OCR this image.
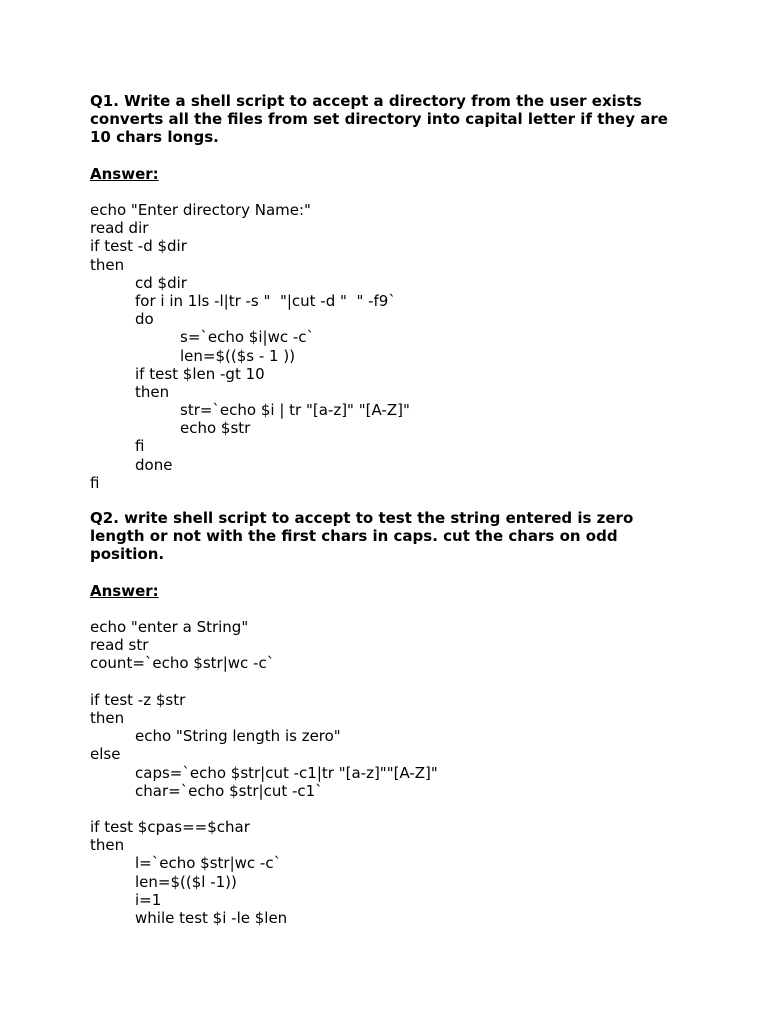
Q1. Write a shell script to accept a directory from the user exists converts all the files from set directory into capital letter if they are 10 chars longs.

Answer:

echo "Enter directory Name:"
read dir
if test -d $dir
then
cd $dir
for i in 1ls -l|tr -s "  "|cut -d "  " -f9`
do
s=`echo $i|wc -c`
len=$(($s - 1 ))
if test $len -gt 10
then
str=`echo $i | tr "[a-z]" "[A-Z]"
echo $str
fi
done
fi

Q2. write shell script to accept to test the string entered is zero length or not with the first chars in caps. cut the chars on odd position.

Answer:

echo "enter a String"
read str
count=`echo $str|wc -c`
if test -z $str
then
echo "String length is zero"
else
caps=`echo $str|cut -c1|tr "[a-z]""[A-Z]"
char=`echo $str|cut -c1`
if test $cpas==$char
then
l=`echo $str|wc -c`
len=$(($l -1))
i=1
while test $i -le $len
